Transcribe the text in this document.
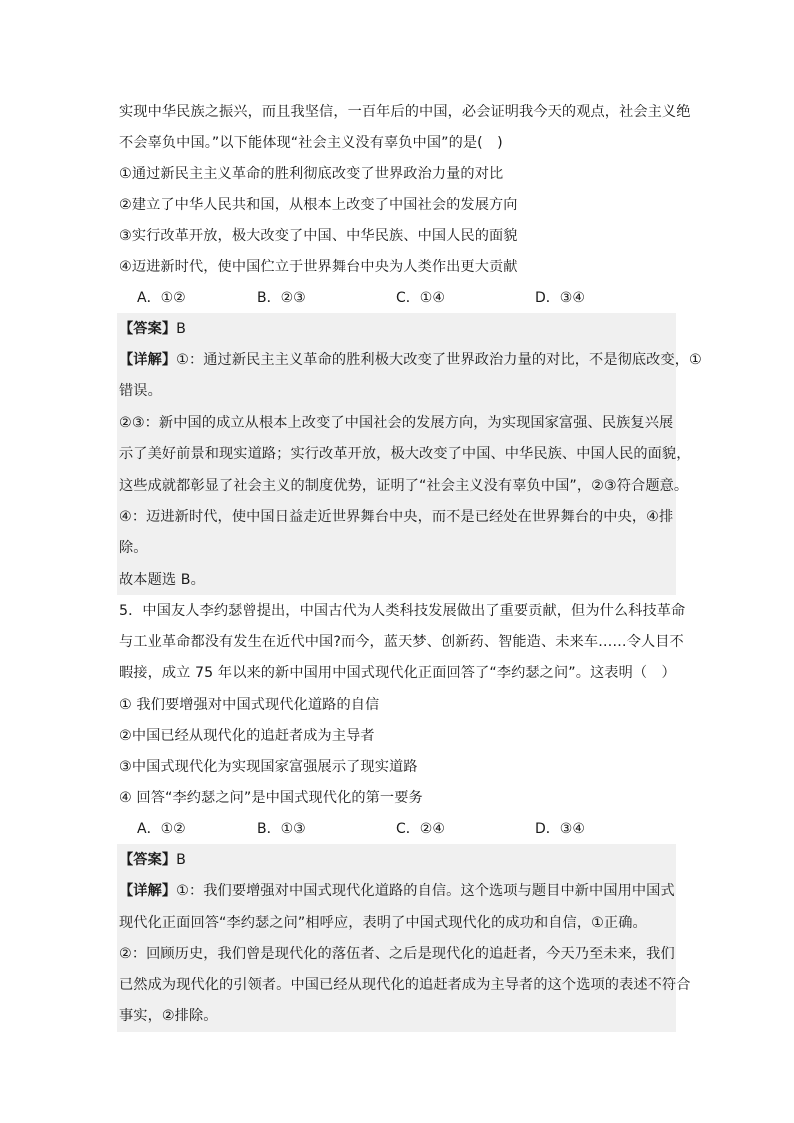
实现中华民族之振兴，而且我坚信，一百年后的中国，必会证明我今天的观点，社会主义绝
不会辜负中国。”以下能体现“社会主义没有辜负中国”的是(　)
①通过新民主主义革命的胜利彻底改变了世界政治力量的对比
②建立了中华人民共和国，从根本上改变了中国社会的发展方向
③实行改革开放，极大改变了中国、中华民族、中国人民的面貌
④迈进新时代，使中国伫立于世界舞台中央为人类作出更大贡献
A．①②	B．②③	C．①④	D．③④
【答案】B
【详解】①：通过新民主主义革命的胜利极大改变了世界政治力量的对比，不是彻底改变，①
错误。
②③：新中国的成立从根本上改变了中国社会的发展方向，为实现国家富强、民族复兴展
示了美好前景和现实道路；实行改革开放，极大改变了中国、中华民族、中国人民的面貌，
这些成就都彰显了社会主义的制度优势，证明了“社会主义没有辜负中国”，②③符合题意。
④：迈进新时代，使中国日益走近世界舞台中央，而不是已经处在世界舞台的中央，④排
除。
故本题选 B。
5．中国友人李约瑟曾提出，中国古代为人类科技发展做出了重要贡献，但为什么科技革命
与工业革命都没有发生在近代中国?而今，蓝天梦、创新药、智能造、未来车……令人目不
暇接，成立 75 年以来的新中国用中国式现代化正面回答了“李约瑟之问”。这表明（　）
① 我们要增强对中国式现代化道路的自信
②中国已经从现代化的追赶者成为主导者
③中国式现代化为实现国家富强展示了现实道路
④ 回答“李约瑟之问”是中国式现代化的第一要务
A．①②	B．①③	C．②④	D．③④
【答案】B
【详解】①：我们要增强对中国式现代化道路的自信。这个选项与题目中新中国用中国式
现代化正面回答“李约瑟之问”相呼应，表明了中国式现代化的成功和自信，①正确。
②：回顾历史，我们曾是现代化的落伍者、之后是现代化的追赶者，今天乃至未来，我们
已然成为现代化的引领者。中国已经从现代化的追赶者成为主导者的这个选项的表述不符合
事实，②排除。
